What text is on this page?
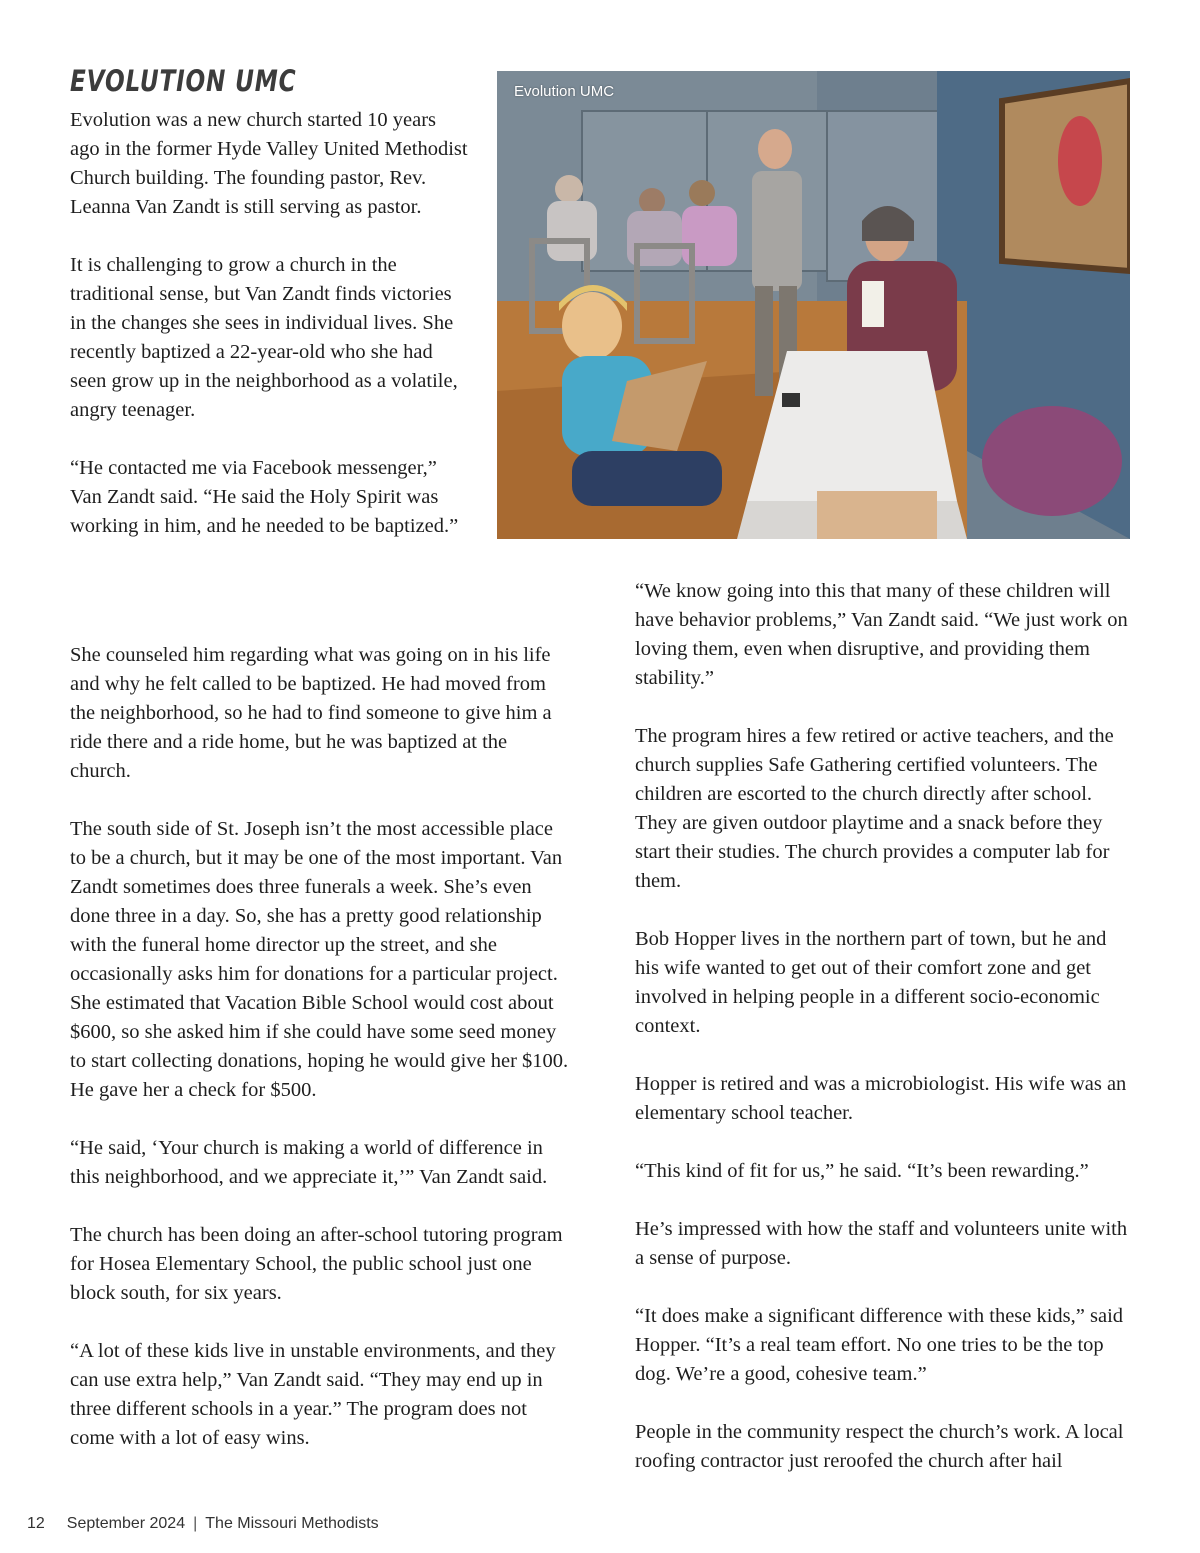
EVOLUTION UMC

Evolution was a new church started 10 years ago in the former Hyde Valley United Methodist Church building. The founding pastor, Rev. Leanna Van Zandt is still serving as pastor.

It is challenging to grow a church in the traditional sense, but Van Zandt finds victories in the changes she sees in individual lives. She recently baptized a 22-year-old who she had seen grow up in the neighborhood as a volatile, angry teenager.

“He contacted me via Facebook messenger,” Van Zandt said. “He said the Holy Spirit was working in him, and he needed to be baptized.”

Evolution UMC

She counseled him regarding what was going on in his life and why he felt called to be baptized. He had moved from the neighborhood, so he had to find someone to give him a ride there and a ride home, but he was baptized at the church.

The south side of St. Joseph isn’t the most accessible place to be a church, but it may be one of the most important. Van Zandt sometimes does three funerals a week. She’s even done three in a day. So, she has a pretty good relationship with the funeral home director up the street, and she occasionally asks him for donations for a particular project. She estimated that Vacation Bible School would cost about $600, so she asked him if she could have some seed money to start collecting donations, hoping he would give her $100. He gave her a check for $500.

“He said, ‘Your church is making a world of difference in this neighborhood, and we appreciate it,’” Van Zandt said.

The church has been doing an after-school tutoring program for Hosea Elementary School, the public school just one block south, for six years.

“A lot of these kids live in unstable environments, and they can use extra help,” Van Zandt said. “They may end up in three different schools in a year.” The program does not come with a lot of easy wins.

“We know going into this that many of these children will have behavior problems,” Van Zandt said. “We just work on loving them, even when disruptive, and providing them stability.”

The program hires a few retired or active teachers, and the church supplies Safe Gathering certified volunteers. The children are escorted to the church directly after school. They are given outdoor playtime and a snack before they start their studies. The church provides a computer lab for them.

Bob Hopper lives in the northern part of town, but he and his wife wanted to get out of their comfort zone and get involved in helping people in a different socio-economic context.

Hopper is retired and was a microbiologist. His wife was an elementary school teacher.

“This kind of fit for us,” he said. “It’s been rewarding.”

He’s impressed with how the staff and volunteers unite with a sense of purpose.

“It does make a significant difference with these kids,” said Hopper. “It’s a real team effort. No one tries to be the top dog. We’re a good, cohesive team.”

People in the community respect the church’s work. A local roofing contractor just reroofed the church after hail

12 September 2024 | The Missouri Methodists
